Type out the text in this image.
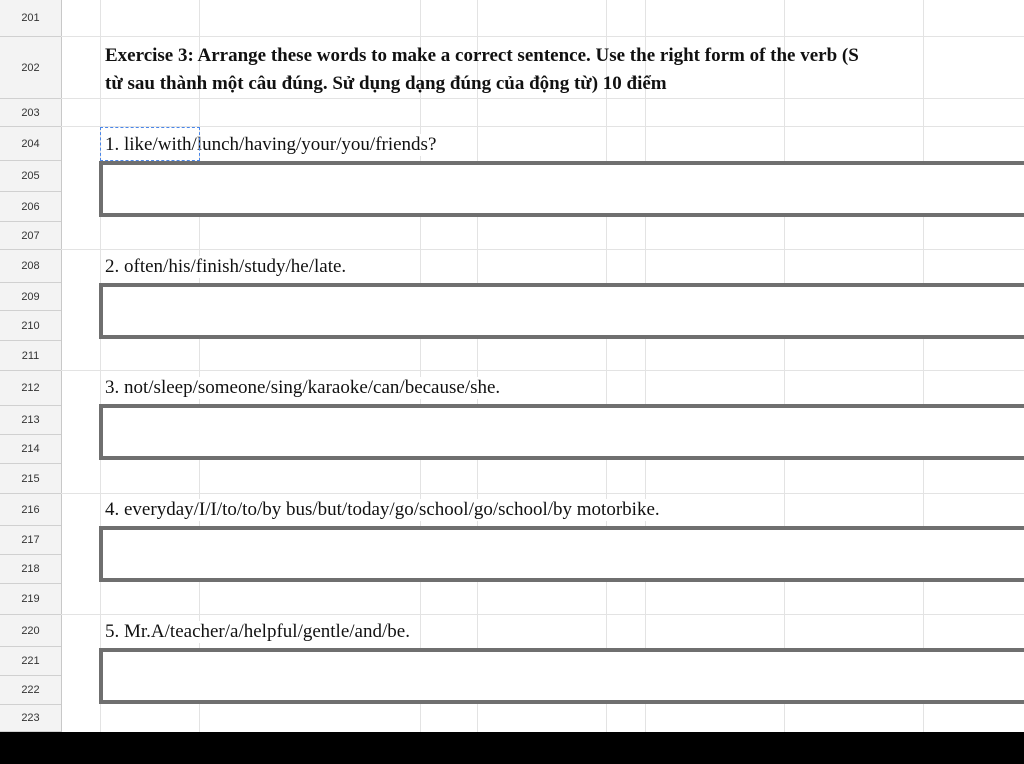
201
202
203
204
205
206
207
208
209
210
211
212
213
214
215
216
217
218
219
220
221
222
223
Exercise 3: Arrange these words to make a correct sentence. Use the right form of the verb (S
từ sau thành một câu đúng. Sử dụng dạng đúng của động từ) 10 điểm
1. like/with/lunch/having/your/you/friends?
2. often/his/finish/study/he/late.
3. not/sleep/someone/sing/karaoke/can/because/she.
4. everyday/I/I/to/to/by bus/but/today/go/school/go/school/by motorbike.
5. Mr.A/teacher/a/helpful/gentle/and/be.
